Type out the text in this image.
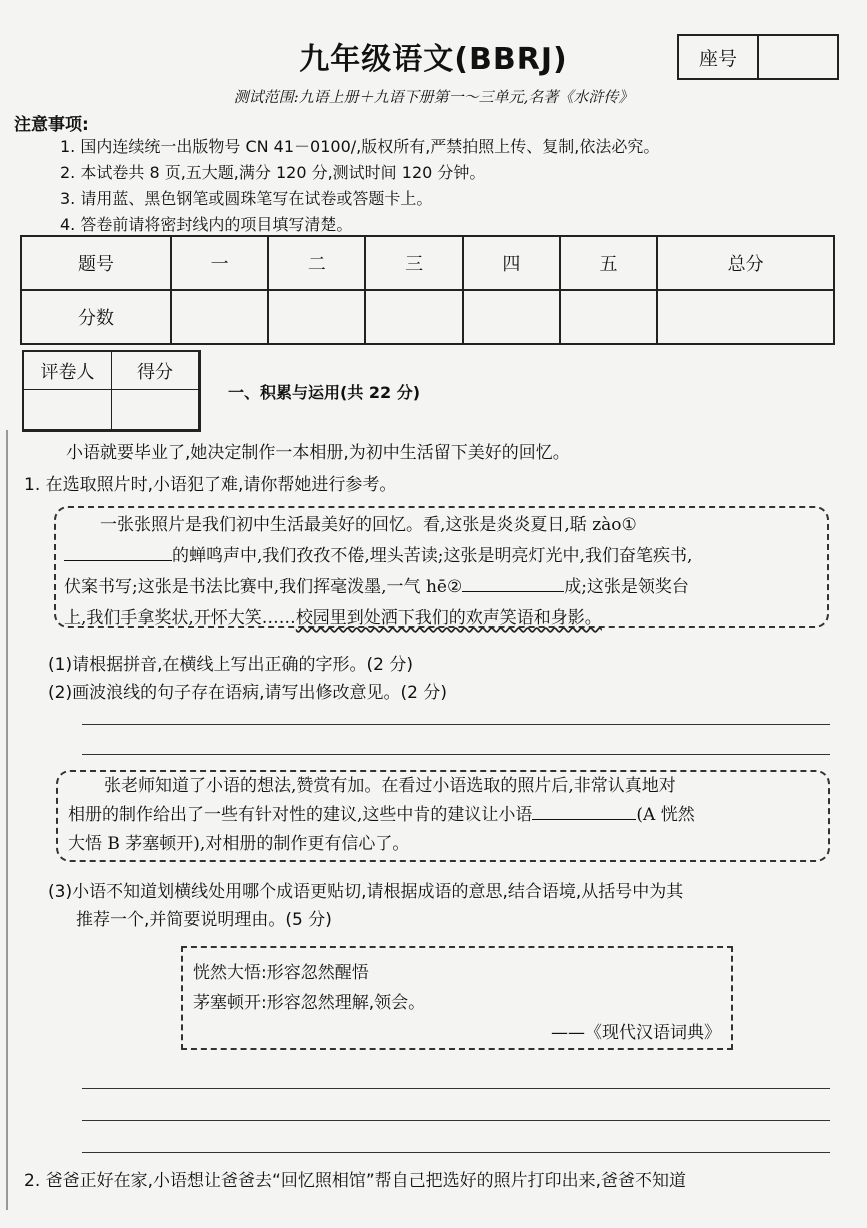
九年级语文(BBRJ)	座号
测试范围:九语上册＋九语下册第一～三单元,名著《水浒传》
注意事项:
1. 国内连续统一出版物号 CN 41－0100/,版权所有,严禁拍照上传、复制,依法必究。
2. 本试卷共 8 页,五大题,满分 120 分,测试时间 120 分钟。
3. 请用蓝、黑色钢笔或圆珠笔写在试卷或答题卡上。
4. 答卷前请将密封线内的项目填写清楚。
题号	一	二	三	四	五	总分
分数						
评卷人	得分
一、积累与运用(共 22 分)
小语就要毕业了,她决定制作一本相册,为初中生活留下美好的回忆。
1. 在选取照片时,小语犯了难,请你帮她进行参考。
一张张照片是我们初中生活最美好的回忆。看,这张是炎炎夏日,聒 zào①
的蝉鸣声中,我们孜孜不倦,埋头苦读;这张是明亮灯光中,我们奋笔疾书,
伏案书写;这张是书法比赛中,我们挥毫泼墨,一气 hē②	成;这张是领奖台
上,我们手拿奖状,开怀大笑……校园里到处洒下我们的欢声笑语和身影。
(1)请根据拼音,在横线上写出正确的字形。(2 分)
(2)画波浪线的句子存在语病,请写出修改意见。(2 分)
张老师知道了小语的想法,赞赏有加。在看过小语选取的照片后,非常认真地对
相册的制作给出了一些有针对性的建议,这些中肯的建议让小语	(A 恍然
大悟 B 茅塞顿开),对相册的制作更有信心了。
(3)小语不知道划横线处用哪个成语更贴切,请根据成语的意思,结合语境,从括号中为其
推荐一个,并简要说明理由。(5 分)
恍然大悟:形容忽然醒悟
茅塞顿开:形容忽然理解,领会。
——《现代汉语词典》
2. 爸爸正好在家,小语想让爸爸去“回忆照相馆”帮自己把选好的照片打印出来,爸爸不知道
